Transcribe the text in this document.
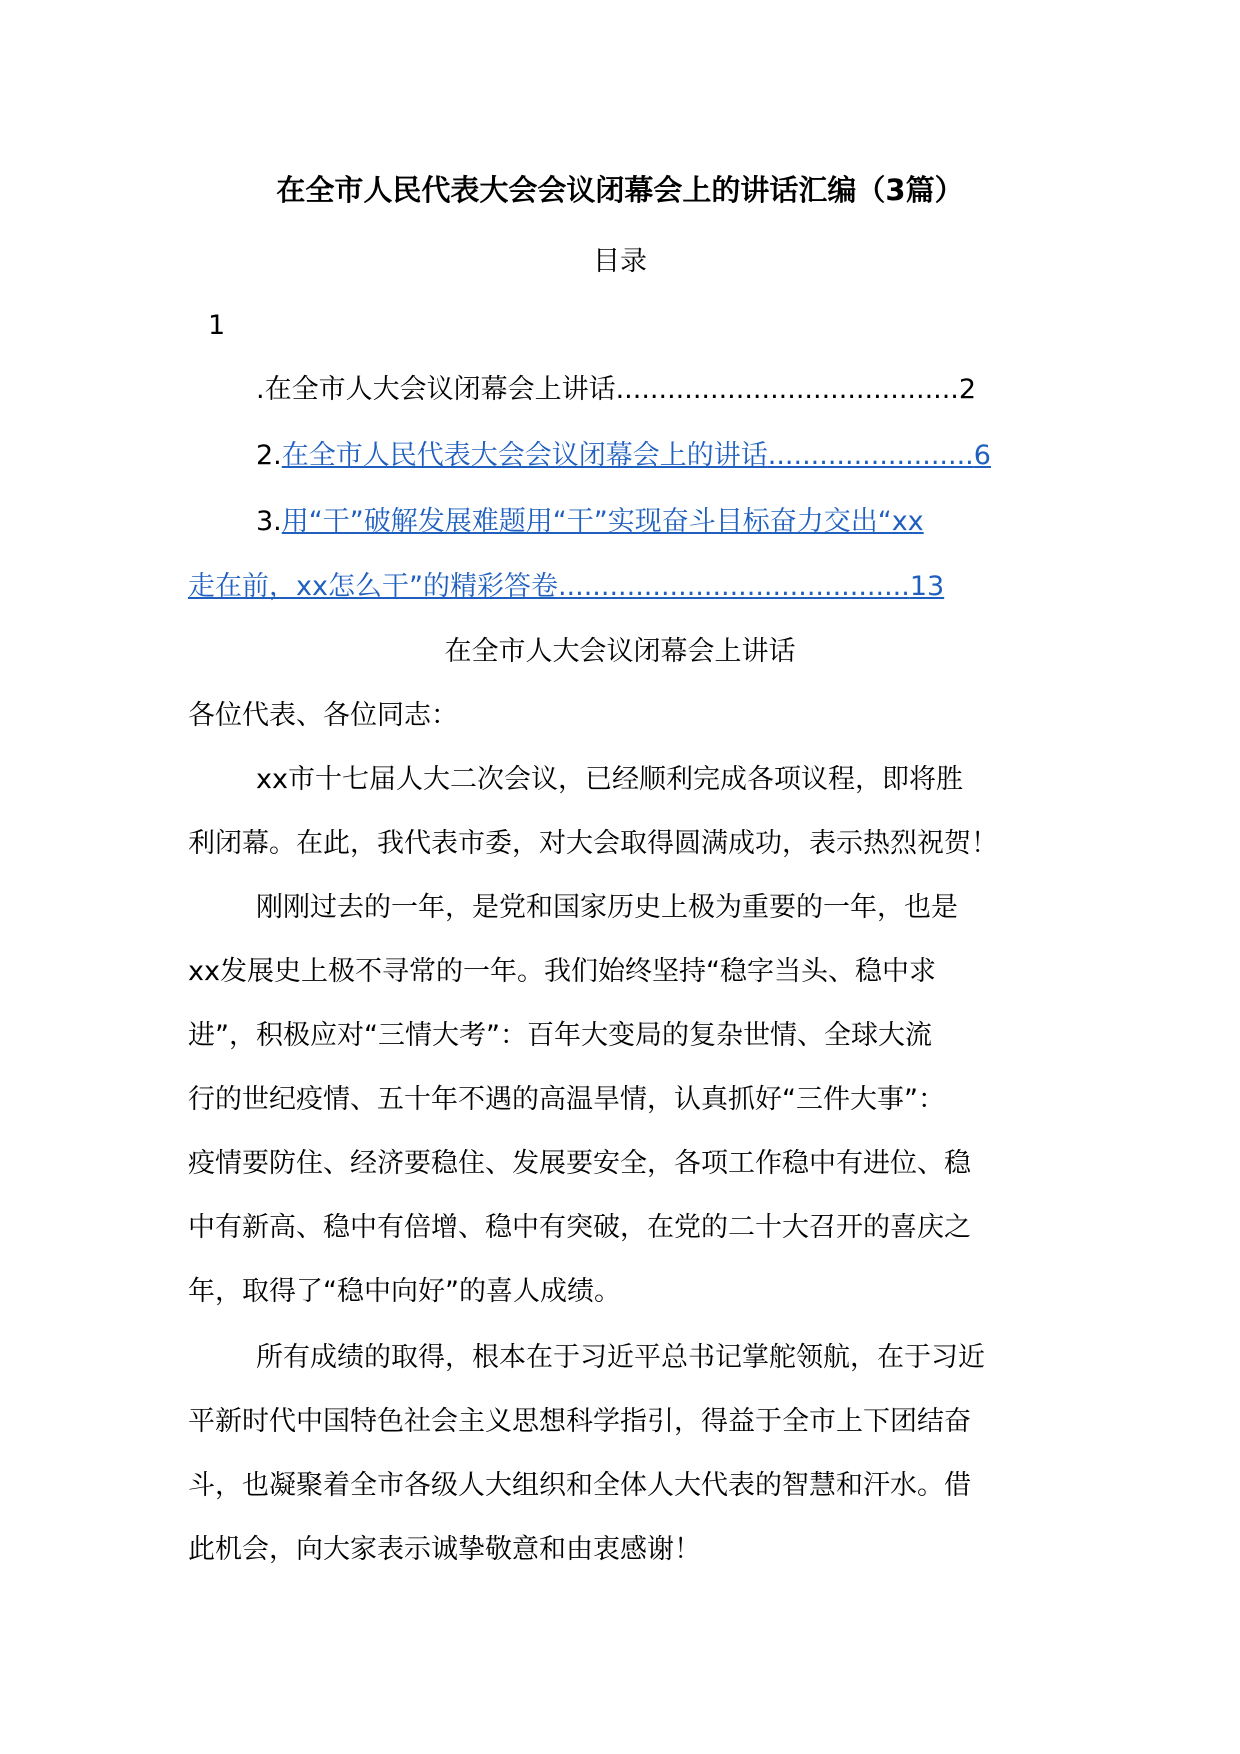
在全市人民代表大会会议闭幕会上的讲话汇编（3篇）
目录
1
.在全市人大会议闭幕会上讲话........................................2
2.在全市人民代表大会会议闭幕会上的讲话........................6
3.用“干”破解发展难题用“干”实现奋斗目标奋力交出“xx
走在前，xx怎么干”的精彩答卷.........................................13
在全市人大会议闭幕会上讲话
各位代表、各位同志：
xx市十七届人大二次会议，已经顺利完成各项议程，即将胜
利闭幕。在此，我代表市委，对大会取得圆满成功，表示热烈祝贺！
刚刚过去的一年，是党和国家历史上极为重要的一年，也是
xx发展史上极不寻常的一年。我们始终坚持“稳字当头、稳中求
进”，积极应对“三情大考”：百年大变局的复杂世情、全球大流
行的世纪疫情、五十年不遇的高温旱情，认真抓好“三件大事”：
疫情要防住、经济要稳住、发展要安全，各项工作稳中有进位、稳
中有新高、稳中有倍增、稳中有突破，在党的二十大召开的喜庆之
年，取得了“稳中向好”的喜人成绩。
所有成绩的取得，根本在于习近平总书记掌舵领航，在于习近
平新时代中国特色社会主义思想科学指引，得益于全市上下团结奋
斗，也凝聚着全市各级人大组织和全体人大代表的智慧和汗水。借
此机会，向大家表示诚挚敬意和由衷感谢！
